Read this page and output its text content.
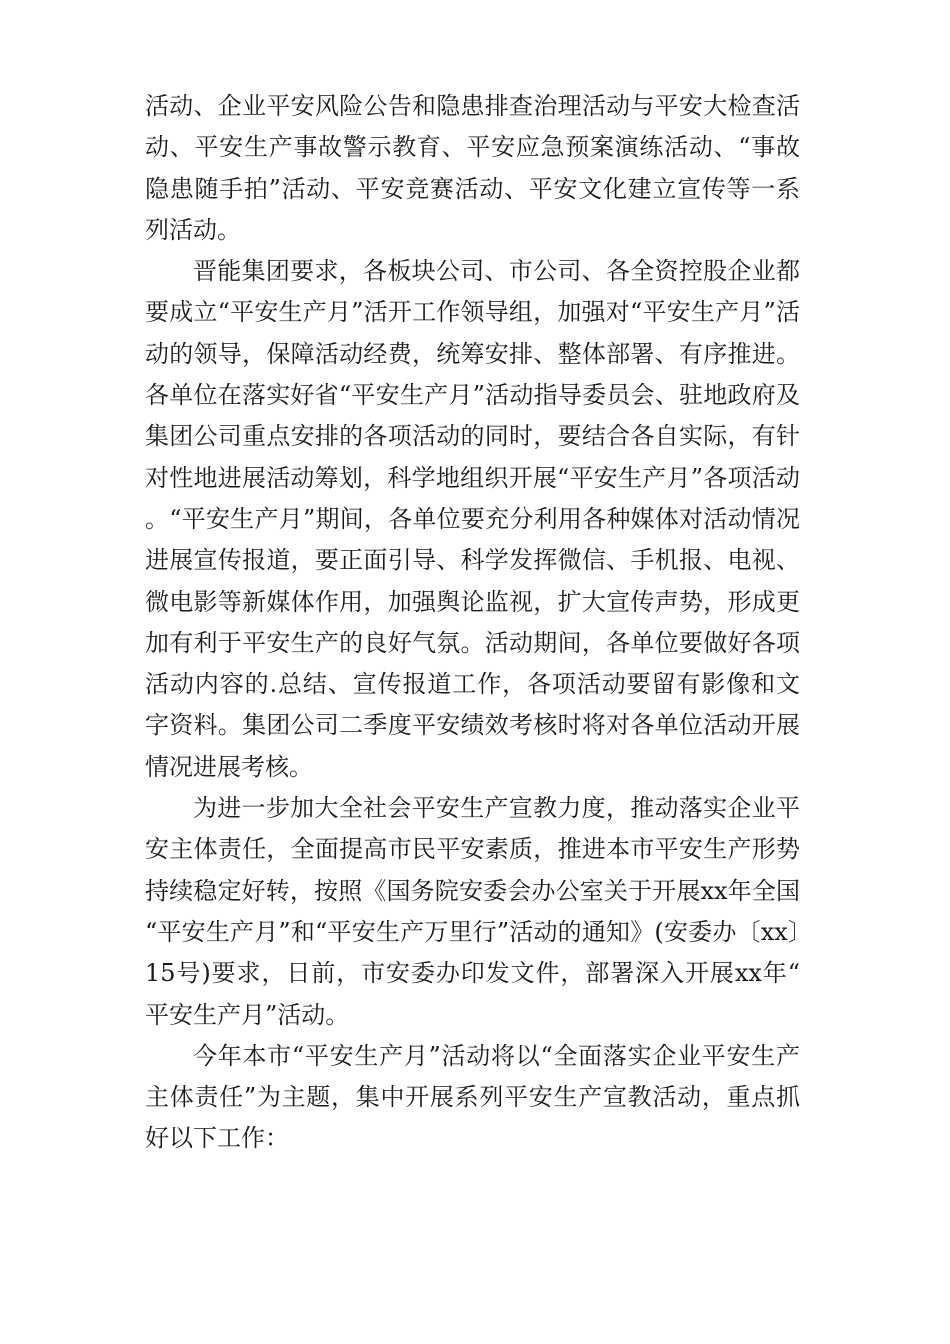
活动、企业平安风险公告和隐患排查治理活动与平安大检查活动、平安生产事故警示教育、平安应急预案演练活动、“事故隐患随手拍”活动、平安竞赛活动、平安文化建立宣传等一系列活动。

晋能集团要求，各板块公司、市公司、各全资控股企业都要成立“平安生产月”活开工作领导组，加强对“平安生产月”活动的领导，保障活动经费，统筹安排、整体部署、有序推进。各单位在落实好省“平安生产月”活动指导委员会、驻地政府及集团公司重点安排的各项活动的同时，要结合各自实际，有针对性地进展活动筹划，科学地组织开展“平安生产月”各项活动。“平安生产月”期间，各单位要充分利用各种媒体对活动情况进展宣传报道，要正面引导、科学发挥微信、手机报、电视、微电影等新媒体作用，加强舆论监视，扩大宣传声势，形成更加有利于平安生产的良好气氛。活动期间，各单位要做好各项活动内容的.总结、宣传报道工作，各项活动要留有影像和文字资料。集团公司二季度平安绩效考核时将对各单位活动开展情况进展考核。

为进一步加大全社会平安生产宣教力度，推动落实企业平安主体责任，全面提高市民平安素质，推进本市平安生产形势持续稳定好转，按照《国务院安委会办公室关于开展xx年全国“平安生产月”和“平安生产万里行”活动的通知》(安委办〔xx〕15号)要求，日前，市安委办印发文件，部署深入开展xx年“平安生产月”活动。

今年本市“平安生产月”活动将以“全面落实企业平安生产主体责任”为主题，集中开展系列平安生产宣教活动，重点抓好以下工作：
